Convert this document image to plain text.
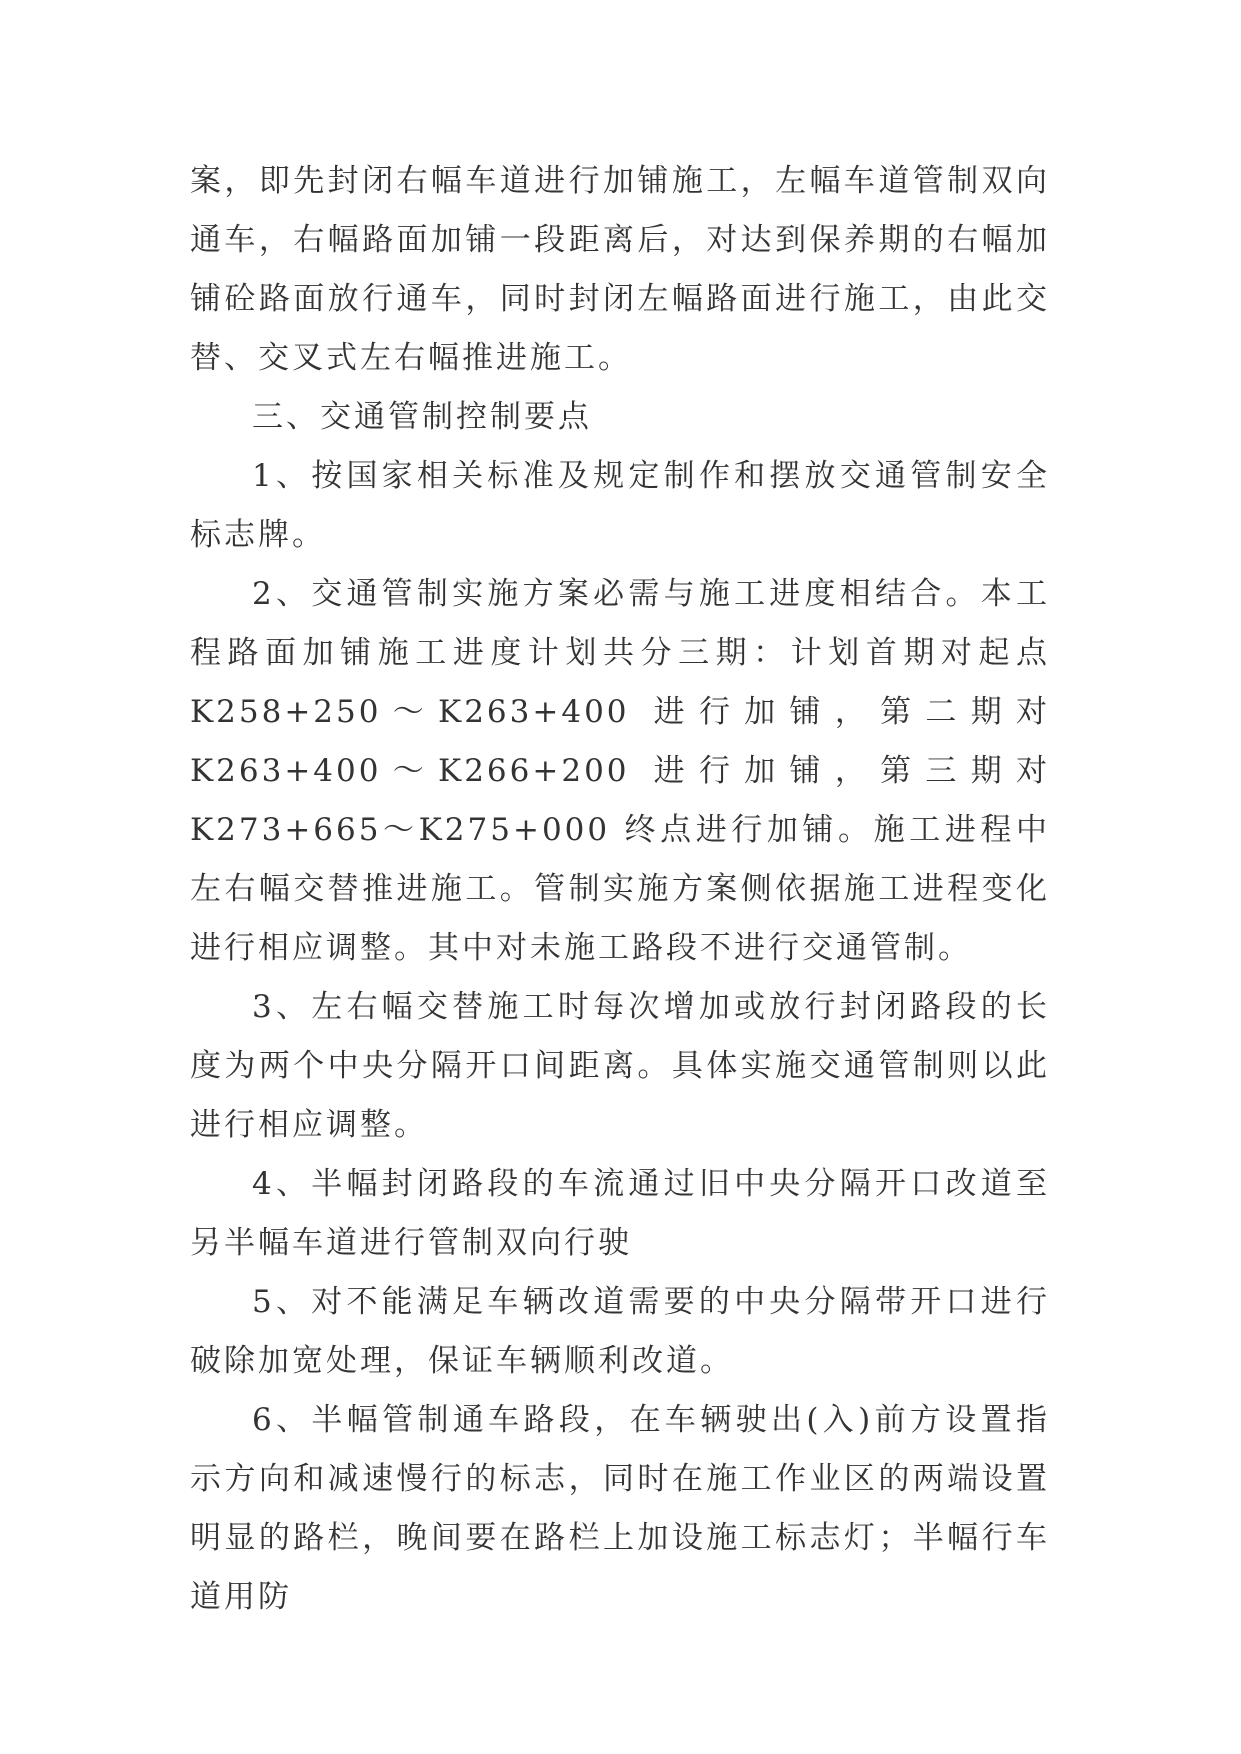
案，即先封闭右幅车道进行加铺施工，左幅车道管制双向通车，右幅路面加铺一段距离后，对达到保养期的右幅加铺砼路面放行通车，同时封闭左幅路面进行施工，由此交替、交叉式左右幅推进施工。

三、交通管制控制要点

1、按国家相关标准及规定制作和摆放交通管制安全标志牌。

2、交通管制实施方案必需与施工进度相结合。本工程路面加铺施工进度计划共分三期：计划首期对起点K258+250～K263+400 进行加铺，第二期对 K263+400～K266+200 进行加铺，第三期对 K273+665～K275+000 终点进行加铺。施工进程中左右幅交替推进施工。管制实施方案侧依据施工进程变化进行相应调整。其中对未施工路段不进行交通管制。

3、左右幅交替施工时每次增加或放行封闭路段的长度为两个中央分隔开口间距离。具体实施交通管制则以此进行相应调整。

4、半幅封闭路段的车流通过旧中央分隔开口改道至另半幅车道进行管制双向行驶

5、对不能满足车辆改道需要的中央分隔带开口进行破除加宽处理，保证车辆顺利改道。

6、半幅管制通车路段，在车辆驶出(入)前方设置指示方向和减速慢行的标志，同时在施工作业区的两端设置明显的路栏，晚间要在路栏上加设施工标志灯；半幅行车道用防
